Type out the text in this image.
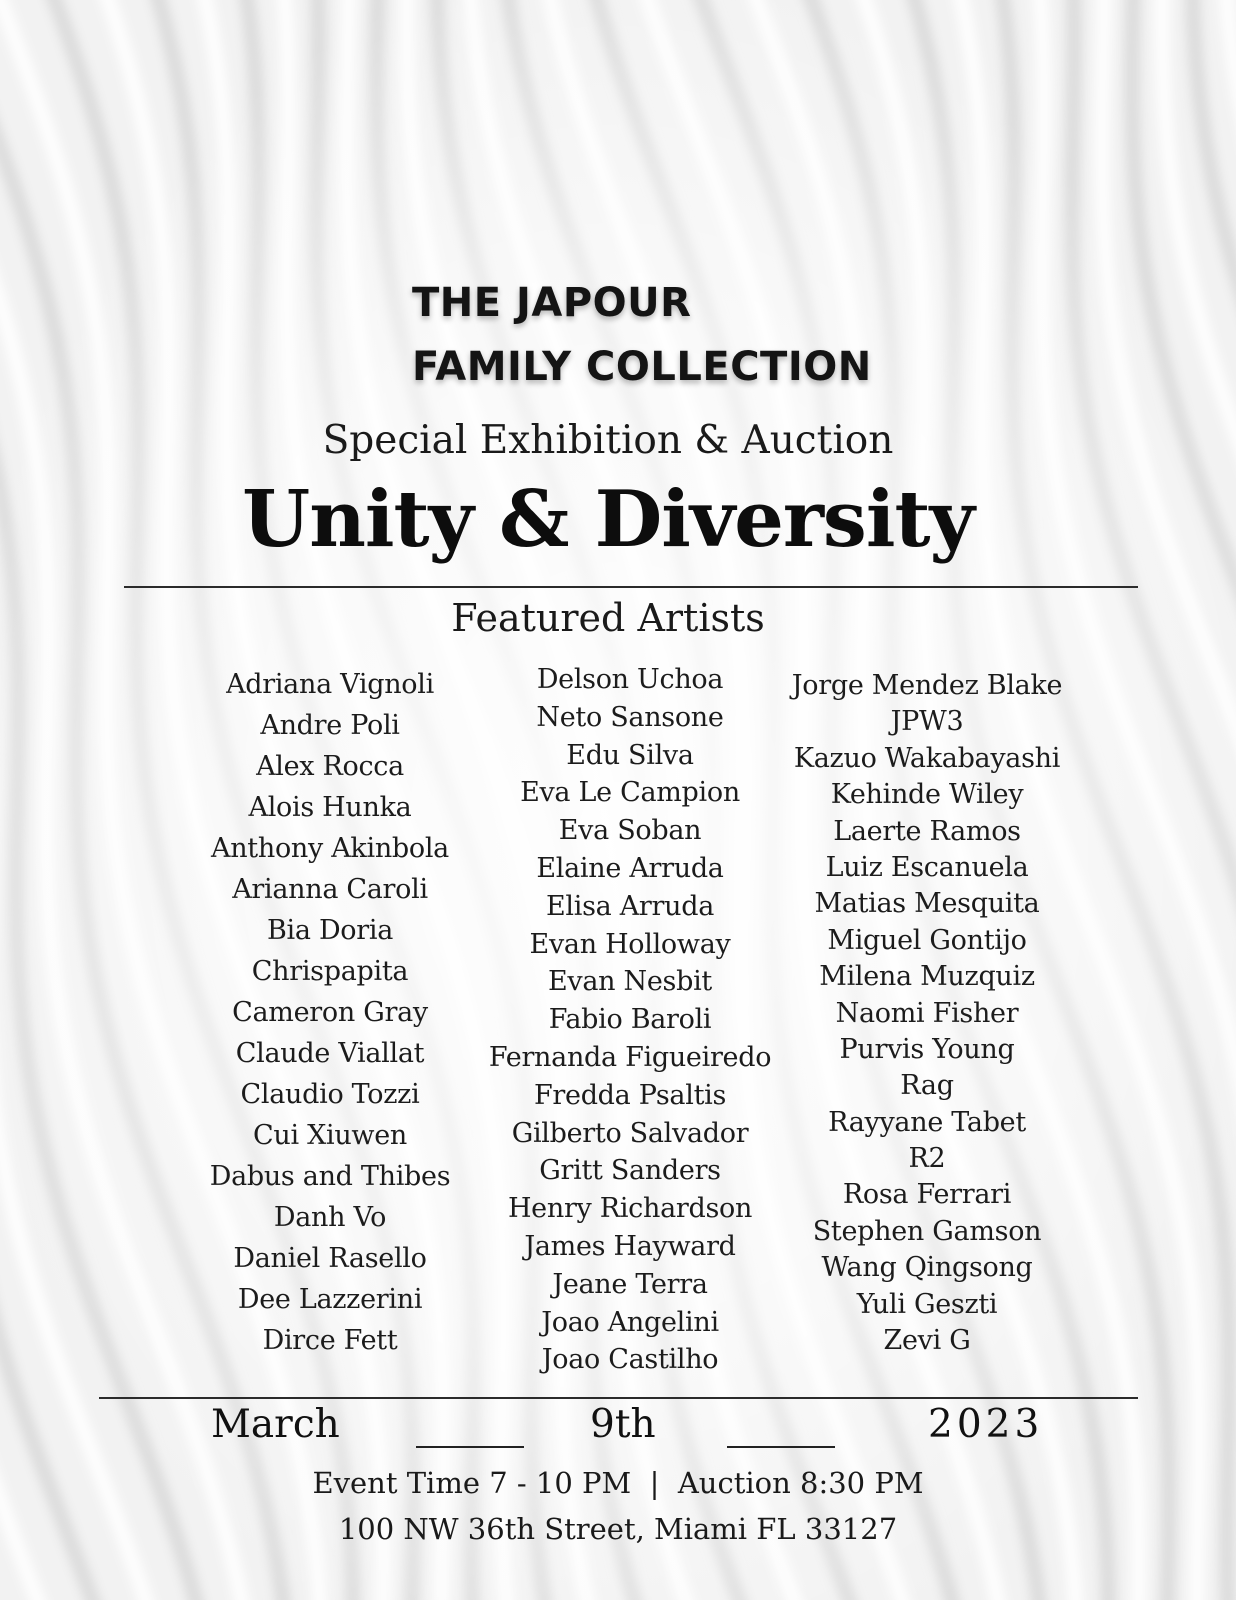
THE JAPOUR
FAMILY COLLECTION
Special Exhibition & Auction
Unity & Diversity
Featured Artists
Adriana Vignoli
Andre Poli
Alex Rocca
Alois Hunka
Anthony Akinbola
Arianna Caroli
Bia Doria
Chrispapita
Cameron Gray
Claude Viallat
Claudio Tozzi
Cui Xiuwen
Dabus and Thibes
Danh Vo
Daniel Rasello
Dee Lazzerini
Dirce Fett
Delson Uchoa
Neto Sansone
Edu Silva
Eva Le Campion
Eva Soban
Elaine Arruda
Elisa Arruda
Evan Holloway
Evan Nesbit
Fabio Baroli
Fernanda Figueiredo
Fredda Psaltis
Gilberto Salvador
Gritt Sanders
Henry Richardson
James Hayward
Jeane Terra
Joao Angelini
Joao Castilho
Jorge Mendez Blake
JPW3
Kazuo Wakabayashi
Kehinde Wiley
Laerte Ramos
Luiz Escanuela
Matias Mesquita
Miguel Gontijo
Milena Muzquiz
Naomi Fisher
Purvis Young
Rag
Rayyane Tabet
R2
Rosa Ferrari
Stephen Gamson
Wang Qingsong
Yuli Geszti
Zevi G
March	9th	2023
Event Time 7 - 10 PM  |  Auction 8:30 PM
100 NW 36th Street, Miami FL 33127
